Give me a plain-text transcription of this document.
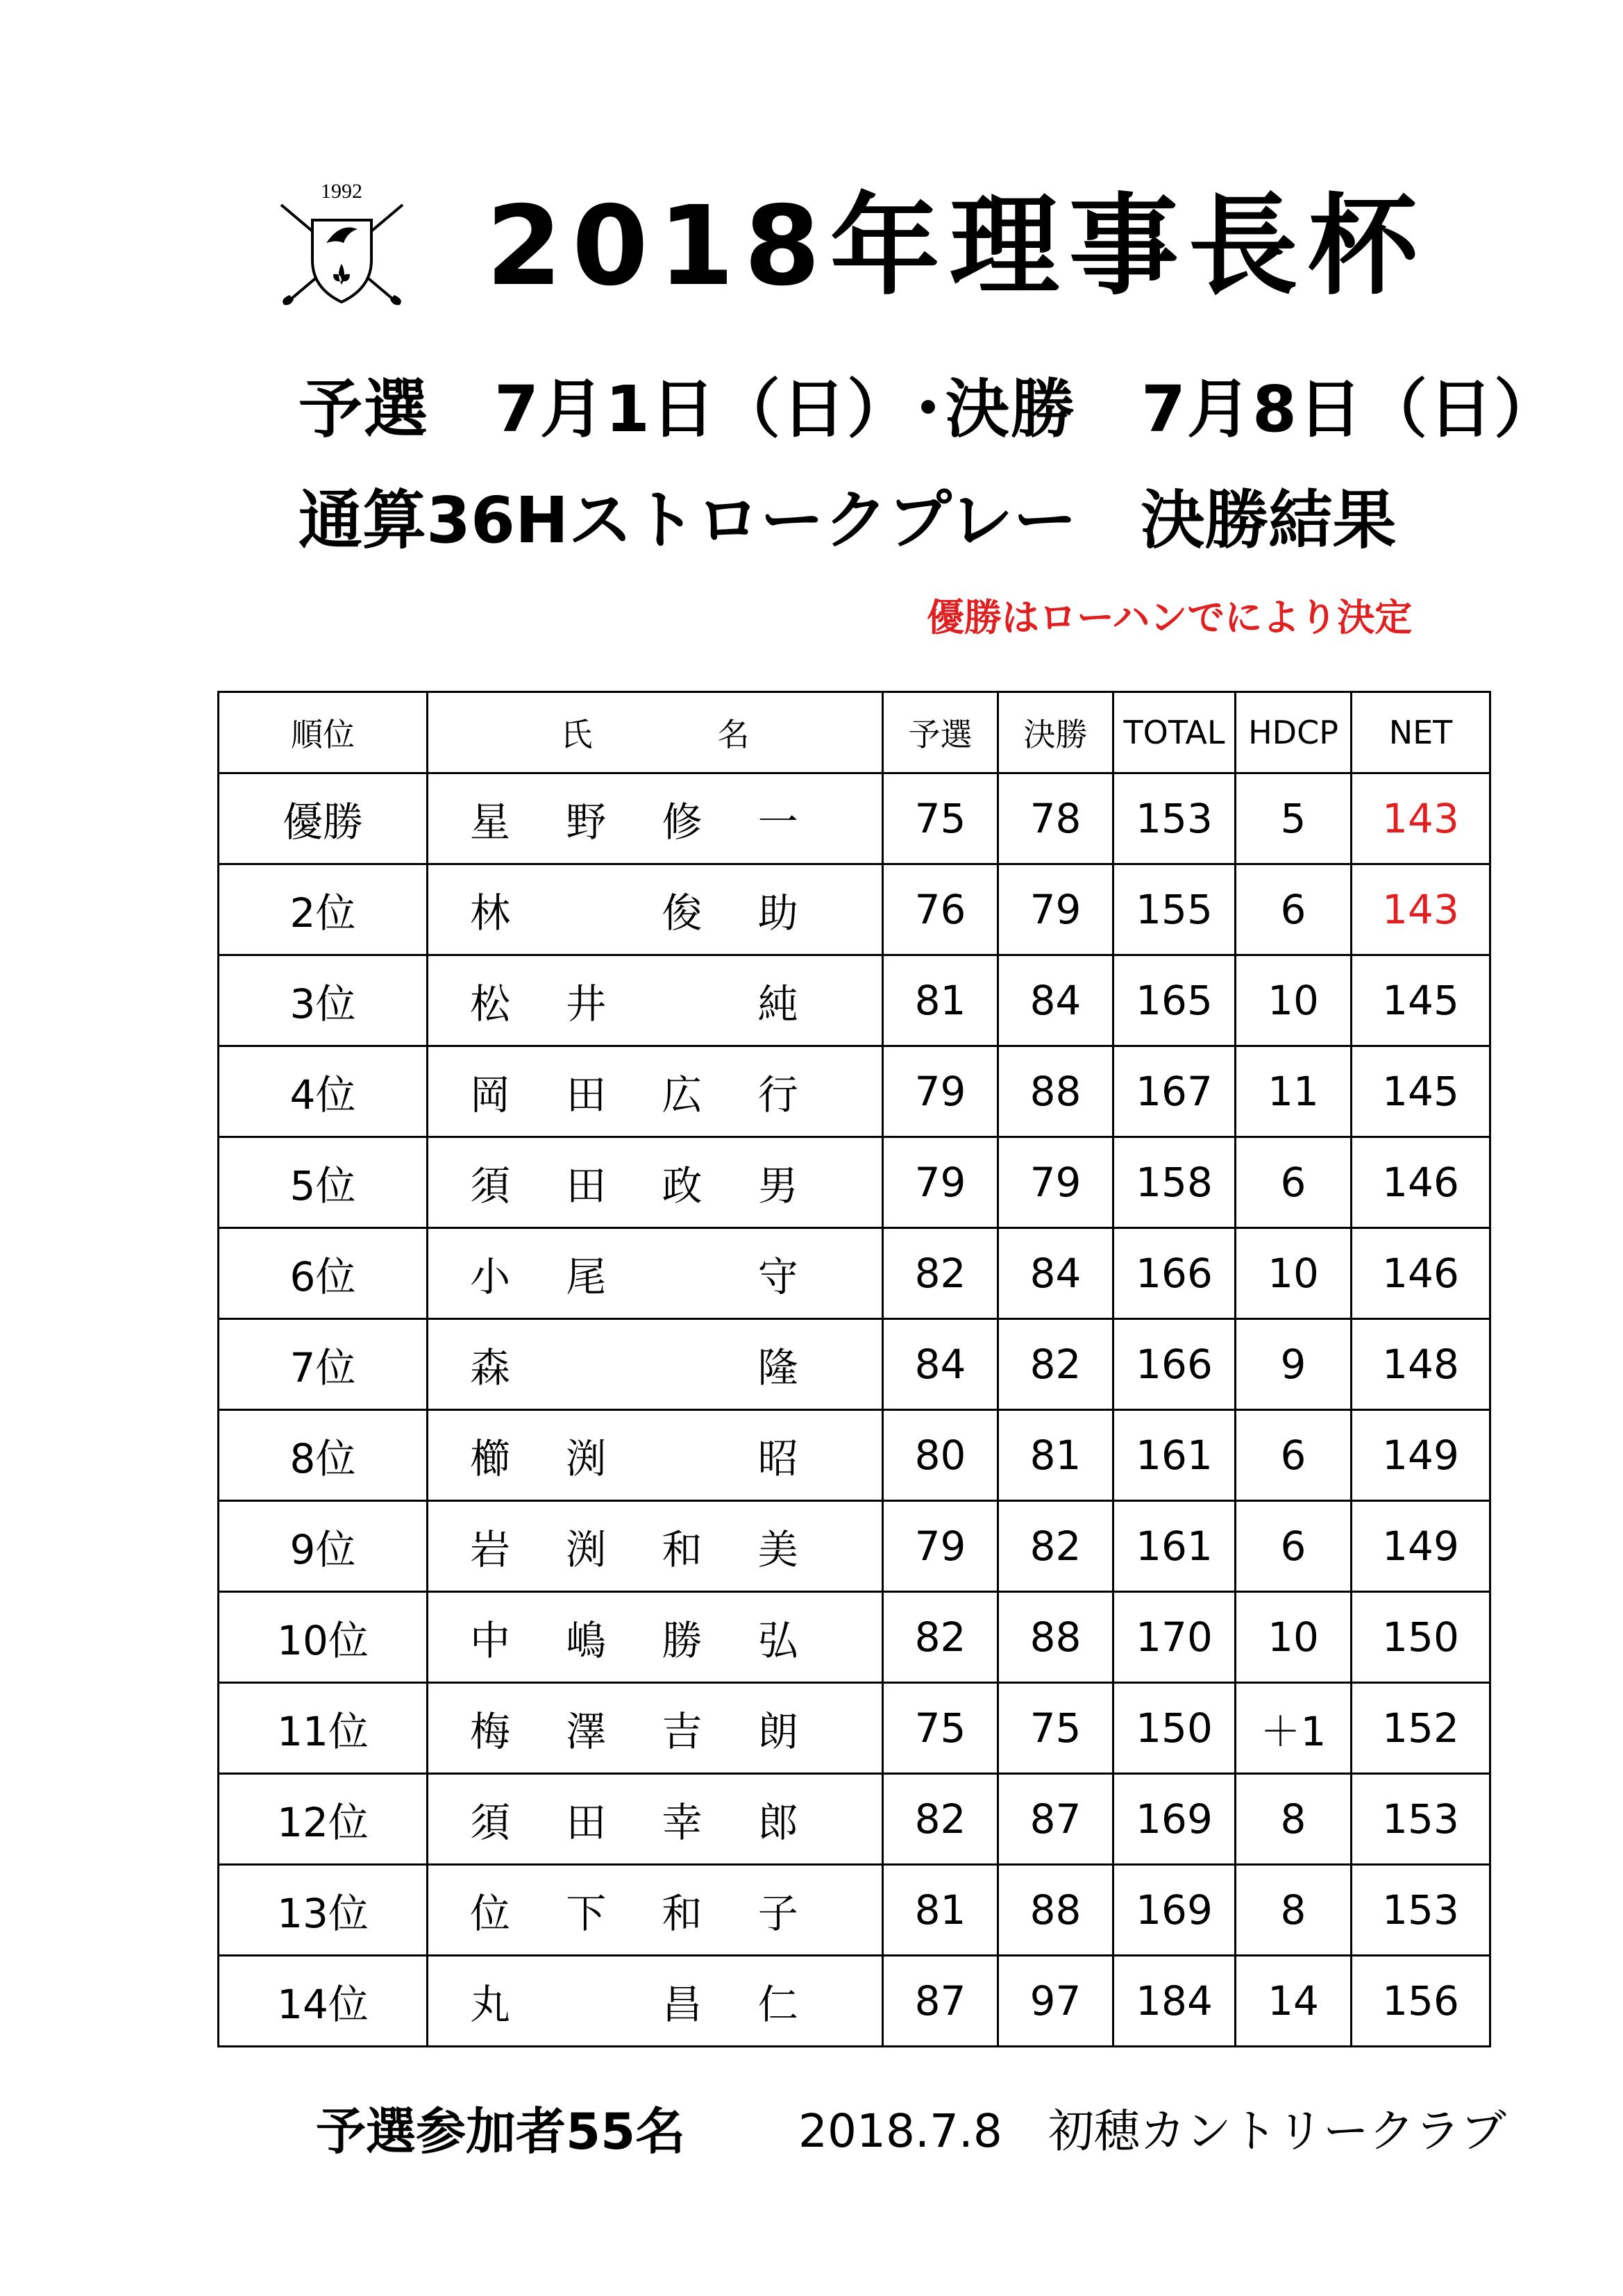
1992 2018年理事長杯
予選　7月1日（日）･決勝　7月8日（日）
通算36Hストロークプレー　決勝結果
優勝はローハンでにより決定
順位	氏 名	予選	決勝	TOTAL	HDCP	NET
優勝	星 野 修 一	75	78	153	5	143
2位	林 俊 助	76	79	155	6	143
3位	松 井 純	81	84	165	10	145
4位	岡 田 広 行	79	88	167	11	145
5位	須 田 政 男	79	79	158	6	146
6位	小 尾 守	82	84	166	10	146
7位	森 隆	84	82	166	9	148
8位	櫛 渕 昭	80	81	161	6	149
9位	岩 渕 和 美	79	82	161	6	149
10位	中 嶋 勝 弘	82	88	170	10	150
11位	梅 澤 吉 朗	75	75	150	＋1	152
12位	須 田 幸 郎	82	87	169	8	153
13位	位 下 和 子	81	88	169	8	153
14位	丸 昌 仁	87	97	184	14	156
予選参加者55名 2018.7.8　初穂カントリークラブ
